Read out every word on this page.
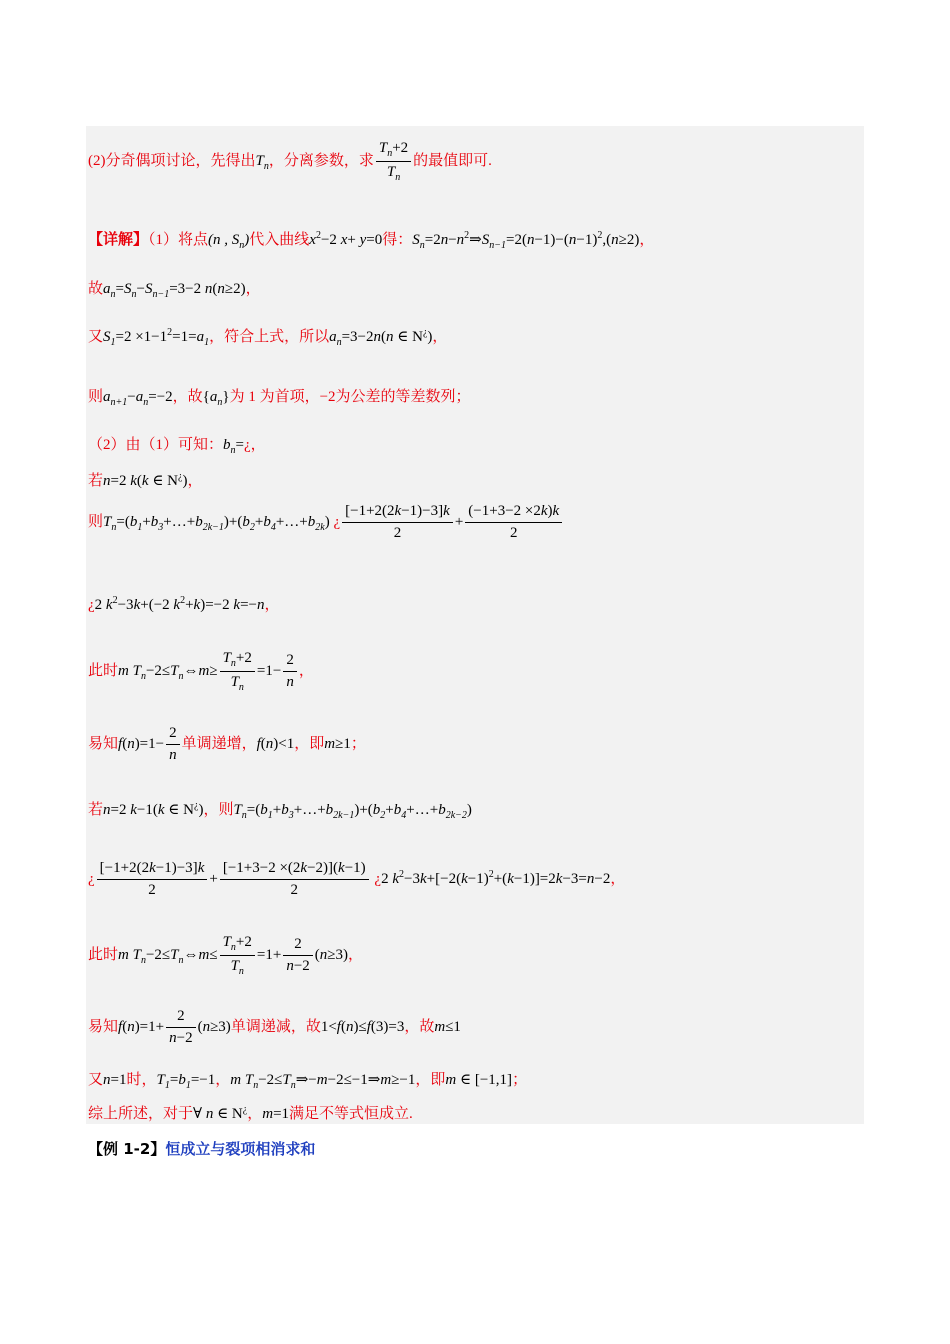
(2)分奇偶项讨论，先得出$T_n$，分离参数，求 $\frac{T_n+2}{T_n}$ 的最值即可.
【详解】（1）将点(n , $S_n$)代入曲线$x^2-2$ x+ y=0得：$S_n=2n-n^2\Rightarrow S_{n-1}=2(n-1)-(n-1)^2,(n\ge 2)$，
故$a_n=S_n-S_{n-1}=3-2$ n(n≥2)，
又$S_1=2 \times 1-1^2=1=a_1$，符合上式，所以$a_n=3-2n(n$ ∈ N¿)，
则$a_{n+1}-a_n=-2$，故$\{a_n\}$为 1 为首项，−2为公差的等差数列；
（2）由（1）可知：$b_n=¿$，
若n=2 k(k ∈ N¿)，
则$T_n=(b_1+b_3+\dots+b_{2k-1})+(b_2+b_4+\dots+b_{2k})$ ¿ $\frac{[-1+2(2k-1)-3]k}{2} + \frac{(-1+3-2 \times 2k)k}{2}$
¿2 $k^2-3k+(-2$ $k^2+k)=-2$ k=−n，
此时m $T_n-2\le T_n\Leftrightarrow m\ge \frac{T_n+2}{T_n} =1- \frac{2}{n}$ ，
易知$f(n)=1- \frac{2}{n}$ 单调递增，f(n)<1，即m≥1；
若n=2 k−1(k ∈ N¿)，则$T_n=(b_1+b_3+\dots+b_{2k-1})+(b_2+b_4+\dots+b_{2k-2})$
¿ $\frac{[-1+2(2k-1)-3]k}{2} + \frac{[-1+3-2 \times(2k-2)](k-1)}{2}$ ¿2 $k^2-3k+[-2(k-1)^2+(k-1)]=2k-3=n-2$，
此时m $T_n-2\le T_n\Leftrightarrow m\le \frac{T_n+2}{T_n} =1+ \frac{2}{n-2} (n\ge 3)$，
易知$f(n)=1+ \frac{2}{n-2} (n\ge 3)$单调递减，故1<f(n)≤f(3)=3，故m≤1
又n=1时，$T_1=b_1=-1$，m $T_n-2\le T_n\Rightarrow-m-2\le-1\Rightarrow m\ge-1$，即m ∈ [−1,1]；
综上所述，对于∀ n ∈ N¿，m=1满足不等式恒成立.
【例 1-2】恒成立与裂项相消求和
